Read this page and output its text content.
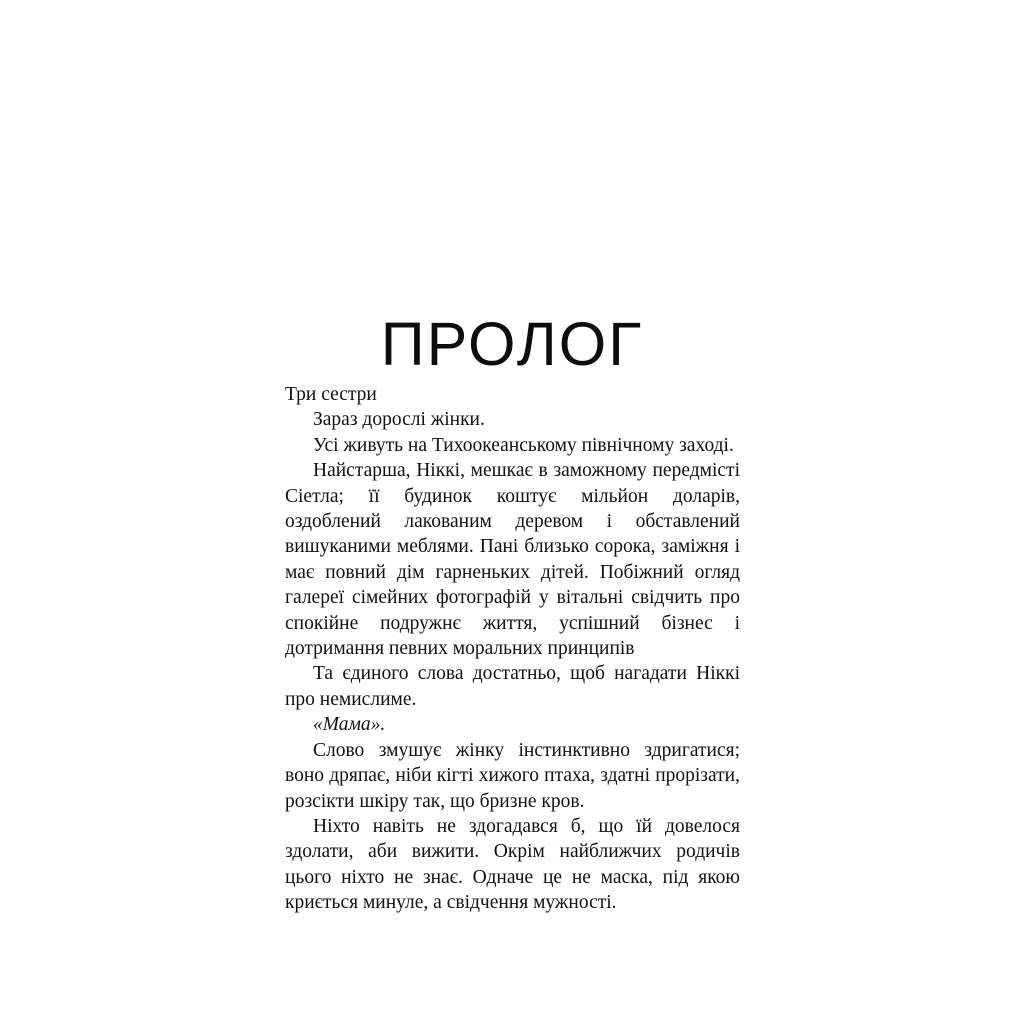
ПРОЛОГ

Три сестри

Зараз дорослі жінки.

Усі живуть на Тихоокеанському північному заході.

Найстарша, Ніккі, мешкає в заможному передмісті Сіетла; її будинок коштує мільйон доларів, оздоблений лакованим деревом і обставлений вишуканими меблями. Пані близько сорока, заміжня і має повний дім гарненьких дітей. Побіжний огляд галереї сімейних фотографій у вітальні свідчить про спокійне подружнє життя, успішний бізнес і дотримання певних моральних принципів

Та єдиного слова достатньо, щоб нагадати Ніккі про немислиме.

«Мама».

Слово змушує жінку інстинктивно здригатися; воно дряпає, ніби кігті хижого птаха, здатні прорізати, розсікти шкіру так, що бризне кров.

Ніхто навіть не здогадався б, що їй довелося здолати, аби вижити. Окрім найближчих родичів цього ніхто не знає. Одначе це не маска, під якою криється минуле, а свідчення мужності.
